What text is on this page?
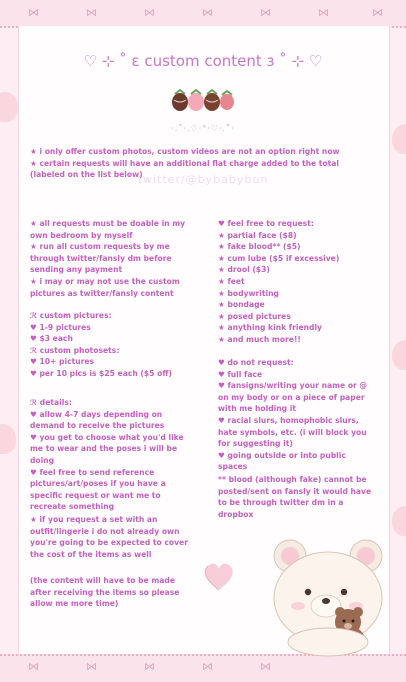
⋈	⋈	⋈	⋈	⋈	⋈	⋈
⋈	⋈	⋈	⋈	⋈
♡ ⊹ ˚ ɛ custom content ɜ ˚ ⊹ ♡
·.˚·.♡·°·♡·.˚·
twitter/@bybabybun

★ i only offer custom photos, custom videos are not an option right now
★ certain requests will have an additional flat charge added to the total (labeled on the list below)

★ all requests must be doable in my own bedroom by myself
★ run all custom requests by me through twitter/fansly dm before sending any payment
★ i may or may not use the custom pictures as twitter/fansly content

ℛ custom pictures:
♥ 1-9 pictures
♥ $3 each
ℛ custom photosets:
♥ 10+ pictures
♥ per 10 pics is $25 each ($5 off)

ℛ details:
♥ allow 4-7 days depending on demand to receive the pictures
♥ you get to choose what you'd like me to wear and the poses i will be doing
♥ feel free to send reference pictures/art/poses if you have a specific request or want me to recreate something

★ if you request a set with an outfit/lingerie i do not already own you're going to be expected to cover the cost of the items as well

(the content will have to be made after receiving the items so please allow me more time)

♥ feel free to request:
★ partial face ($8)
★ fake blood** ($5)
★ cum lube ($5 if excessive)
★ drool ($3)
★ feet
★ bodywriting
★ bondage
★ posed pictures
★ anything kink friendly
★ and much more!!

♥ do not request:
♥ full face
♥ fansigns/writing your name or @ on my body or on a piece of paper with me holding it
♥ racial slurs, homophobic slurs, hate symbols, etc. (i will block you for suggesting it)
♥ going outside or into public spaces

** blood (although fake) cannot be posted/sent on fansly it would have to be through twitter dm in a dropbox
